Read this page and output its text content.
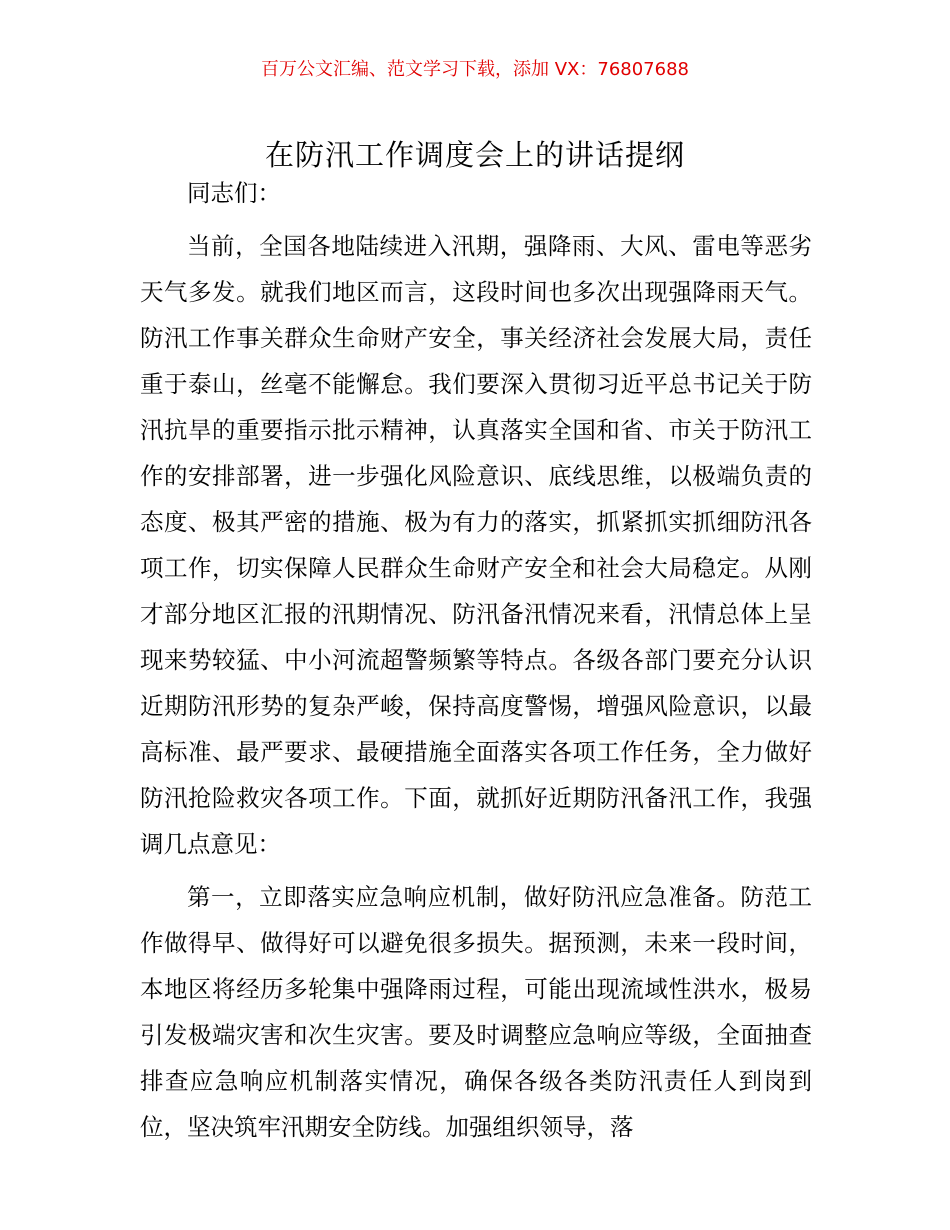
百万公文汇编、范文学习下载，添加 VX：76807688
在防汛工作调度会上的讲话提纲

同志们：

当前，全国各地陆续进入汛期，强降雨、大风、雷电等恶劣天气多发。就我们地区而言，这段时间也多次出现强降雨天气。防汛工作事关群众生命财产安全，事关经济社会发展大局，责任重于泰山，丝毫不能懈怠。我们要深入贯彻习近平总书记关于防汛抗旱的重要指示批示精神，认真落实全国和省、市关于防汛工作的安排部署，进一步强化风险意识、底线思维，以极端负责的态度、极其严密的措施、极为有力的落实，抓紧抓实抓细防汛各项工作，切实保障人民群众生命财产安全和社会大局稳定。从刚才部分地区汇报的汛期情况、防汛备汛情况来看，汛情总体上呈现来势较猛、中小河流超警频繁等特点。各级各部门要充分认识近期防汛形势的复杂严峻，保持高度警惕，增强风险意识，以最高标准、最严要求、最硬措施全面落实各项工作任务，全力做好防汛抢险救灾各项工作。下面，就抓好近期防汛备汛工作，我强调几点意见：

第一，立即落实应急响应机制，做好防汛应急准备。防范工作做得早、做得好可以避免很多损失。据预测，未来一段时间，本地区将经历多轮集中强降雨过程，可能出现流域性洪水，极易引发极端灾害和次生灾害。要及时调整应急响应等级，全面抽查排查应急响应机制落实情况，确保各级各类防汛责任人到岗到位，坚决筑牢汛期安全防线。加强组织领导，落
